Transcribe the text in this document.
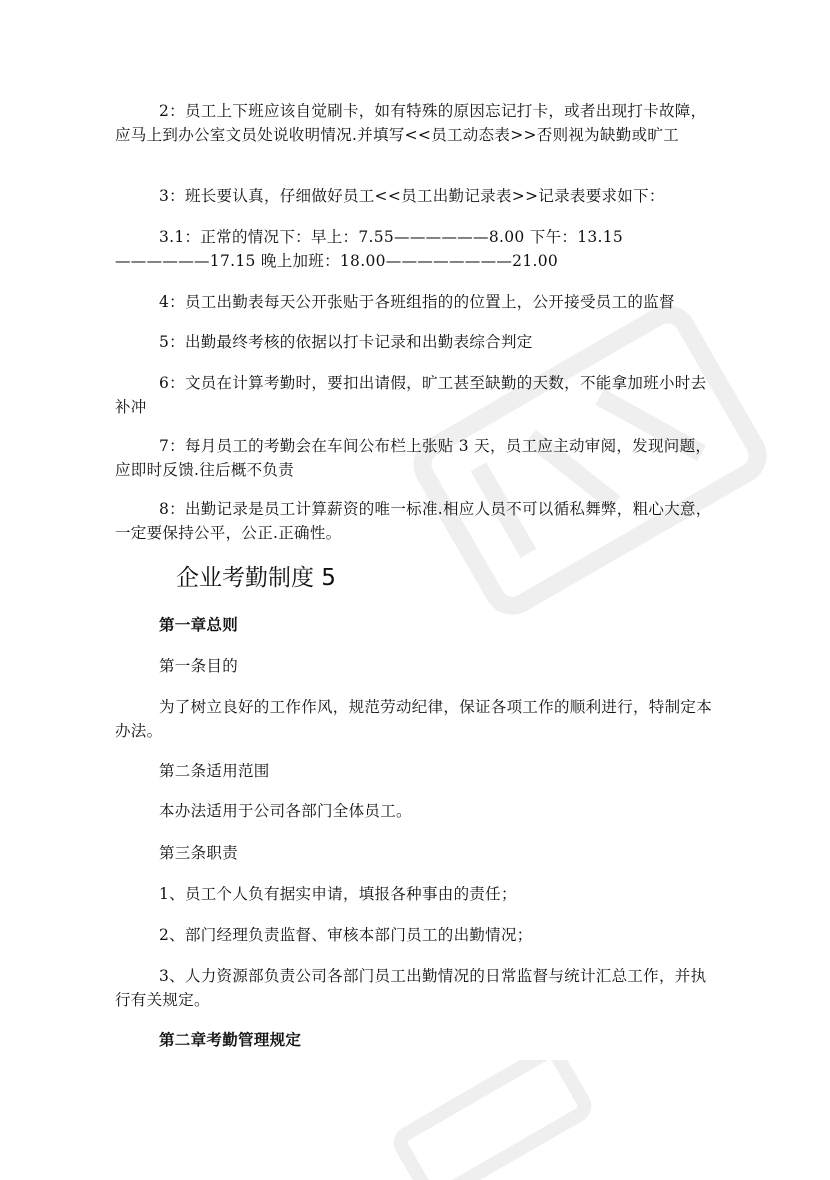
2：员工上下班应该自觉刷卡，如有特殊的原因忘记打卡，或者出现打卡故障，应马上到办公室文员处说收明情况.并填写<<员工动态表>>否则视为缺勤或旷工

3：班长要认真，仔细做好员工<<员工出勤记录表>>记录表要求如下：

3.1：正常的情况下：早上：7.55——————8.00 下午：13.15——————17.15 晚上加班：18.00————————21.00

4：员工出勤表每天公开张贴于各班组指的的位置上，公开接受员工的监督

5：出勤最终考核的依据以打卡记录和出勤表综合判定

6：文员在计算考勤时，要扣出请假，旷工甚至缺勤的天数，不能拿加班小时去补冲

7：每月员工的考勤会在车间公布栏上张贴 3 天，员工应主动审阅，发现问题，应即时反馈.往后概不负责

8：出勤记录是员工计算薪资的唯一标准.相应人员不可以循私舞弊，粗心大意，一定要保持公平，公正.正确性。

企业考勤制度 5

第一章总则

第一条目的

为了树立良好的工作作风，规范劳动纪律，保证各项工作的顺利进行，特制定本办法。

第二条适用范围

本办法适用于公司各部门全体员工。

第三条职责

1、员工个人负有据实申请，填报各种事由的责任；

2、部门经理负责监督、审核本部门员工的出勤情况；

3、人力资源部负责公司各部门员工出勤情况的日常监督与统计汇总工作，并执行有关规定。

第二章考勤管理规定
